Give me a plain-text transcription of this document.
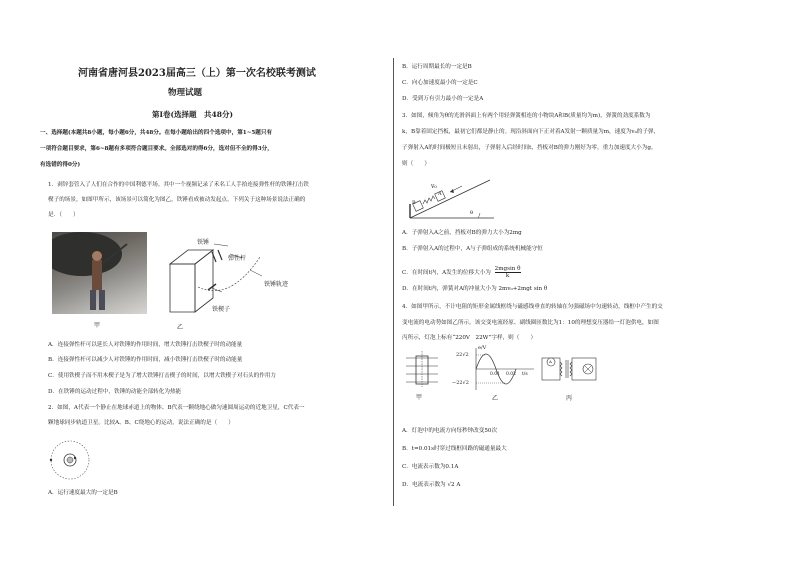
河南省唐河县2023届高三（上）第一次名校联考测试
物理试题
第Ⅰ卷(选择题　共48分)
一、选择题(本题共8小题，每小题6分，共48分。在每小题给出的四个选项中，第1~5题只有
一项符合题目要求，第6~8题有多项符合题目要求。全部选对的得6分，选对但不全的得3分，
有选错的得0分)
1．剥锌套管入了人们在合作的中国利德平场。其中一个视频记录了禾名工人手拾连接弹性杆的铁锤打击铁
楔子的场景，如图甲所示，该场景可以简化为图乙，铁锤看成被动发起点。下列关于这种场景说法正确的
是．（　　）
甲
铁锤
弹性杆
铁锤轨迹
铁楔子
乙
A．连接弹性杆可以延长人对铁锤的作用时间，增大铁锤打击铁楔子时的动能量
B．连接弹性杆可以减少人对铁锤的作用时间，减小铁锤打击铁楔子时的动能量
C．使用铁楔子而不用木楔子是为了增大铁锤打击楔子的时间，以增大铁楔子对石头的作用力
D．在铁锤的运动过程中，铁锤的动能全部转化为热能
2．如图，A代表一个静止在地球赤道上的物体、B代表一颗绕地心做匀速圆周运动的近地卫星，C代表一
颗地球同步轨道卫星。比较A、B、C绕地心的运动，说法正确的是（　　）
A．运行速度最大的一定是B
B．运行周期最长的一定是B
C．向心加速度最小的一定是C
D．受到万有引力最小的一定是A
3．如图，倾角为θ的光滑斜面上有两个用轻弹簧相连的小物块A和B(质量均为m)，弹簧的劲度系数为
k，B靠着固定挡板，最初它们都是静止的。现沿斜面向下正对着A发射一颗质量为m，速度为v₀的子弹，
子弹射入A的时间极短且未射出，子弹射入后经时间t，挡板对B的弹力刚好为零。重力加速度大小为g。
则（　　）
v₀
A
B
θ
A．子弹射入A之前，挡板对B的弹力大小为2mg
B．子弹射入A的过程中，A与子弹组成的系统机械能守恒
C．在时间t内，A发生的位移大小为 $\frac{\text{2mgsin θ}}{k}$
D．在时间t内，弹簧对A的冲量大小为 2mv₀+2mgt sin θ
4．如图甲所示，不计电阻的矩形金属线框绕与磁感线垂直的转轴在匀强磁场中匀速转动，线框中产生的交
变电流的电动势如图乙所示。该交变电流经原、副线圈匝数比为1：10的理想变压器给一灯泡供电，如图
丙所示，灯泡上标有“220V　22W”字样，则（　　）
甲
e/V
22√2
−22√2
0.01 0.02 t/s
乙
A
丙
A．灯泡中的电流方向每秒钟改变50次
B．t=0.01s时穿过线框回路的磁通量最大
C．电流表示数为0.1A
D．电流表示数为 √2 A
